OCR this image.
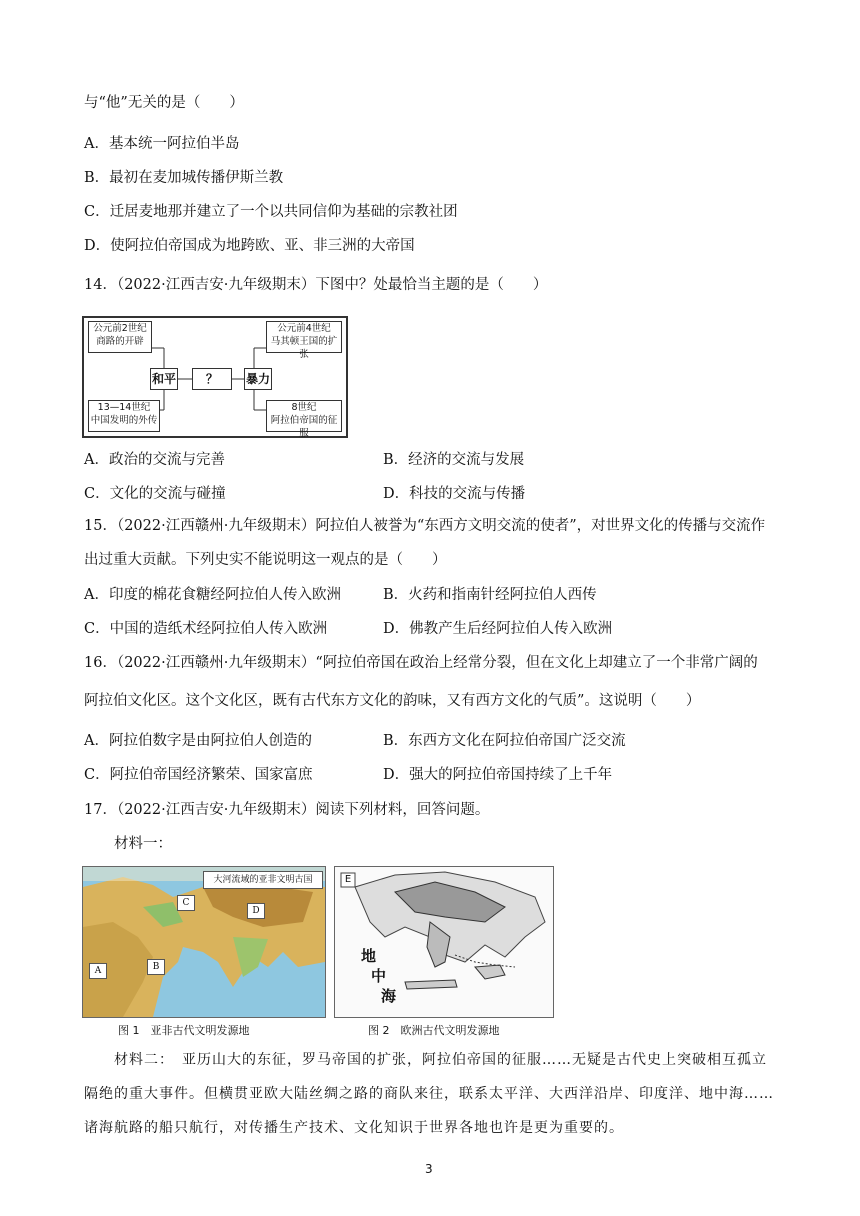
与“他”无关的是（　　）
A．基本统一阿拉伯半岛
B．最初在麦加城传播伊斯兰教
C．迁居麦地那并建立了一个以共同信仰为基础的宗教社团
D．使阿拉伯帝国成为地跨欧、亚、非三洲的大帝国
14．（2022·江西吉安·九年级期末）下图中？处最恰当主题的是（　　）
公元前2世纪
商路的开辟
13—14世纪
中国发明的外传
公元前4世纪
马其顿王国的扩张
8世纪
阿拉伯帝国的征服
和平	？	暴力
A．政治的交流与完善	B．经济的交流与发展
C．文化的交流与碰撞	D．科技的交流与传播
15．（2022·江西赣州·九年级期末）阿拉伯人被誉为“东西方文明交流的使者”，对世界文化的传播与交流作
出过重大贡献。下列史实不能说明这一观点的是（　　）
A．印度的棉花食糖经阿拉伯人传入欧洲	B．火药和指南针经阿拉伯人西传
C．中国的造纸术经阿拉伯人传入欧洲	D．佛教产生后经阿拉伯人传入欧洲
16．（2022·江西赣州·九年级期末）“阿拉伯帝国在政治上经常分裂，但在文化上却建立了一个非常广阔的
阿拉伯文化区。这个文化区，既有古代东方文化的韵味，又有西方文化的气质”。这说明（　　）
A．阿拉伯数字是由阿拉伯人创造的	B．东西方文化在阿拉伯帝国广泛交流
C．阿拉伯帝国经济繁荣、国家富庶	D．强大的阿拉伯帝国持续了上千年
17．（2022·江西吉安·九年级期末）阅读下列材料，回答问题。
材料一：
大河流域的亚非文明古国
A	B
C
D
图 1　亚非古代文明发源地
E
地
中
海
图 2　欧洲古代文明发源地
材料二：　亚历山大的东征，罗马帝国的扩张，阿拉伯帝国的征服……无疑是古代史上突破相互孤立
隔绝的重大事件。但横贯亚欧大陆丝绸之路的商队来往，联系太平洋、大西洋沿岸、印度洋、地中海……
诸海航路的船只航行，对传播生产技术、文化知识于世界各地也许是更为重要的。
3
